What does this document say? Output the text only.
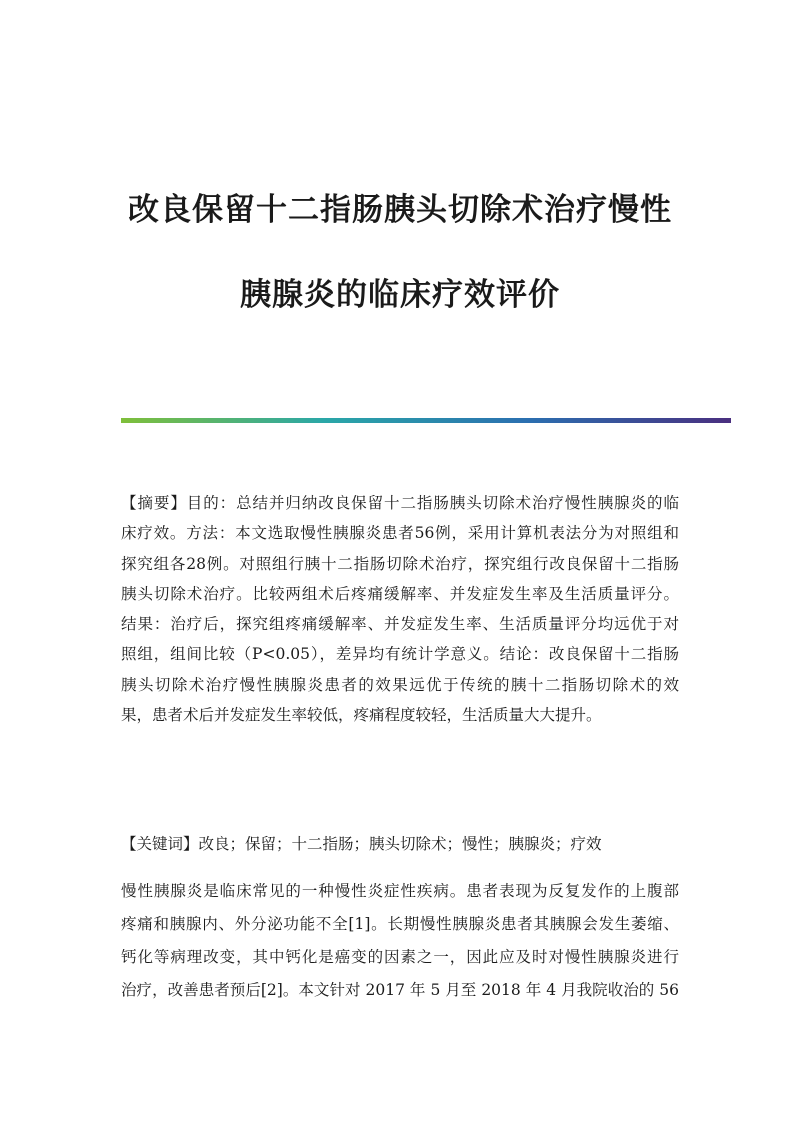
改良保留十二指肠胰头切除术治疗慢性
胰腺炎的临床疗效评价
【摘要】目的：总结并归纳改良保留十二指肠胰头切除术治疗慢性胰腺炎的临
床疗效。方法：本文选取慢性胰腺炎患者56例，采用计算机表法分为对照组和
探究组各28例。对照组行胰十二指肠切除术治疗，探究组行改良保留十二指肠
胰头切除术治疗。比较两组术后疼痛缓解率、并发症发生率及生活质量评分。
结果：治疗后，探究组疼痛缓解率、并发症发生率、生活质量评分均远优于对
照组，组间比较（P<0.05），差异均有统计学意义。结论：改良保留十二指肠
胰头切除术治疗慢性胰腺炎患者的效果远优于传统的胰十二指肠切除术的效
果，患者术后并发症发生率较低，疼痛程度较轻，生活质量大大提升。
【关键词】改良；保留；十二指肠；胰头切除术；慢性；胰腺炎；疗效
慢性胰腺炎是临床常见的一种慢性炎症性疾病。患者表现为反复发作的上腹部
疼痛和胰腺内、外分泌功能不全[1]。长期慢性胰腺炎患者其胰腺会发生萎缩、
钙化等病理改变，其中钙化是癌变的因素之一，因此应及时对慢性胰腺炎进行
治疗，改善患者预后[2]。本文针对 2017 年 5 月至 2018 年 4 月我院收治的 56
